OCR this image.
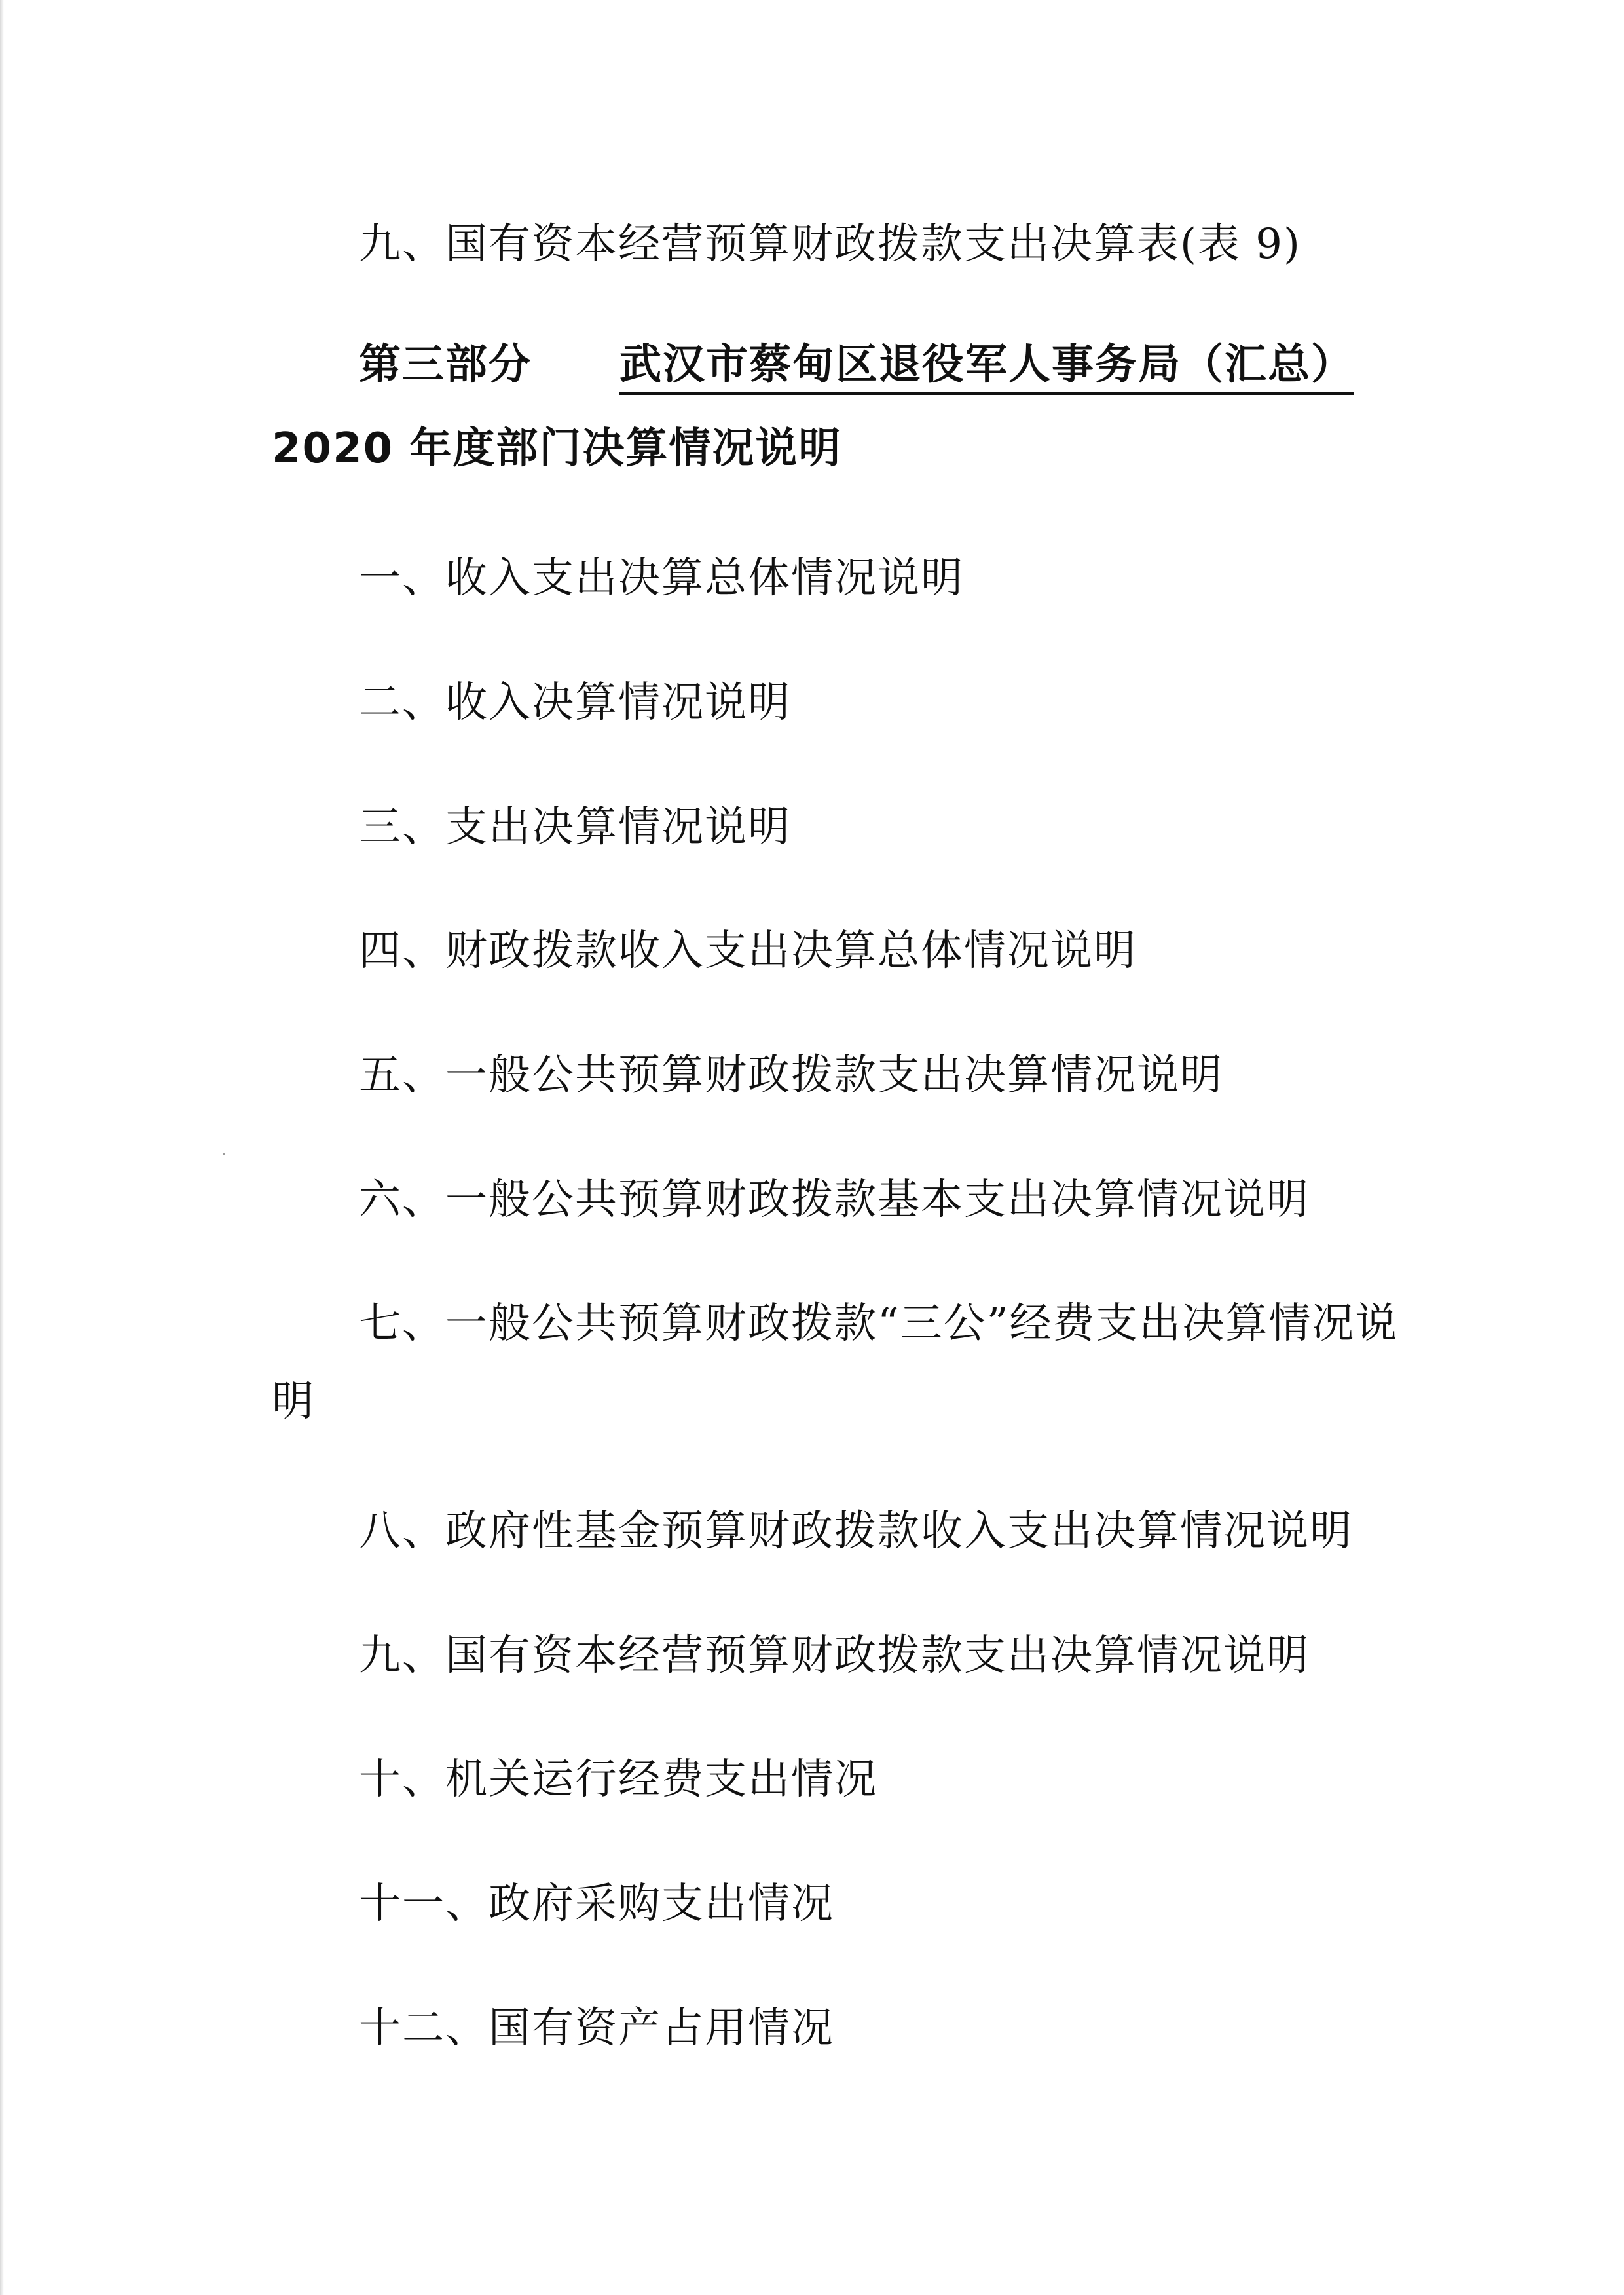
九、国有资本经营预算财政拨款支出决算表(表 9)
第三部分 武汉市蔡甸区退役军人事务局（汇总）
2020 年度部门决算情况说明
一、收入支出决算总体情况说明
二、收入决算情况说明
三、支出决算情况说明
四、财政拨款收入支出决算总体情况说明
五、一般公共预算财政拨款支出决算情况说明
六、一般公共预算财政拨款基本支出决算情况说明
七、一般公共预算财政拨款“三公”经费支出决算情况说
明
八、政府性基金预算财政拨款收入支出决算情况说明
九、国有资本经营预算财政拨款支出决算情况说明
十、机关运行经费支出情况
十一、政府采购支出情况
十二、国有资产占用情况
